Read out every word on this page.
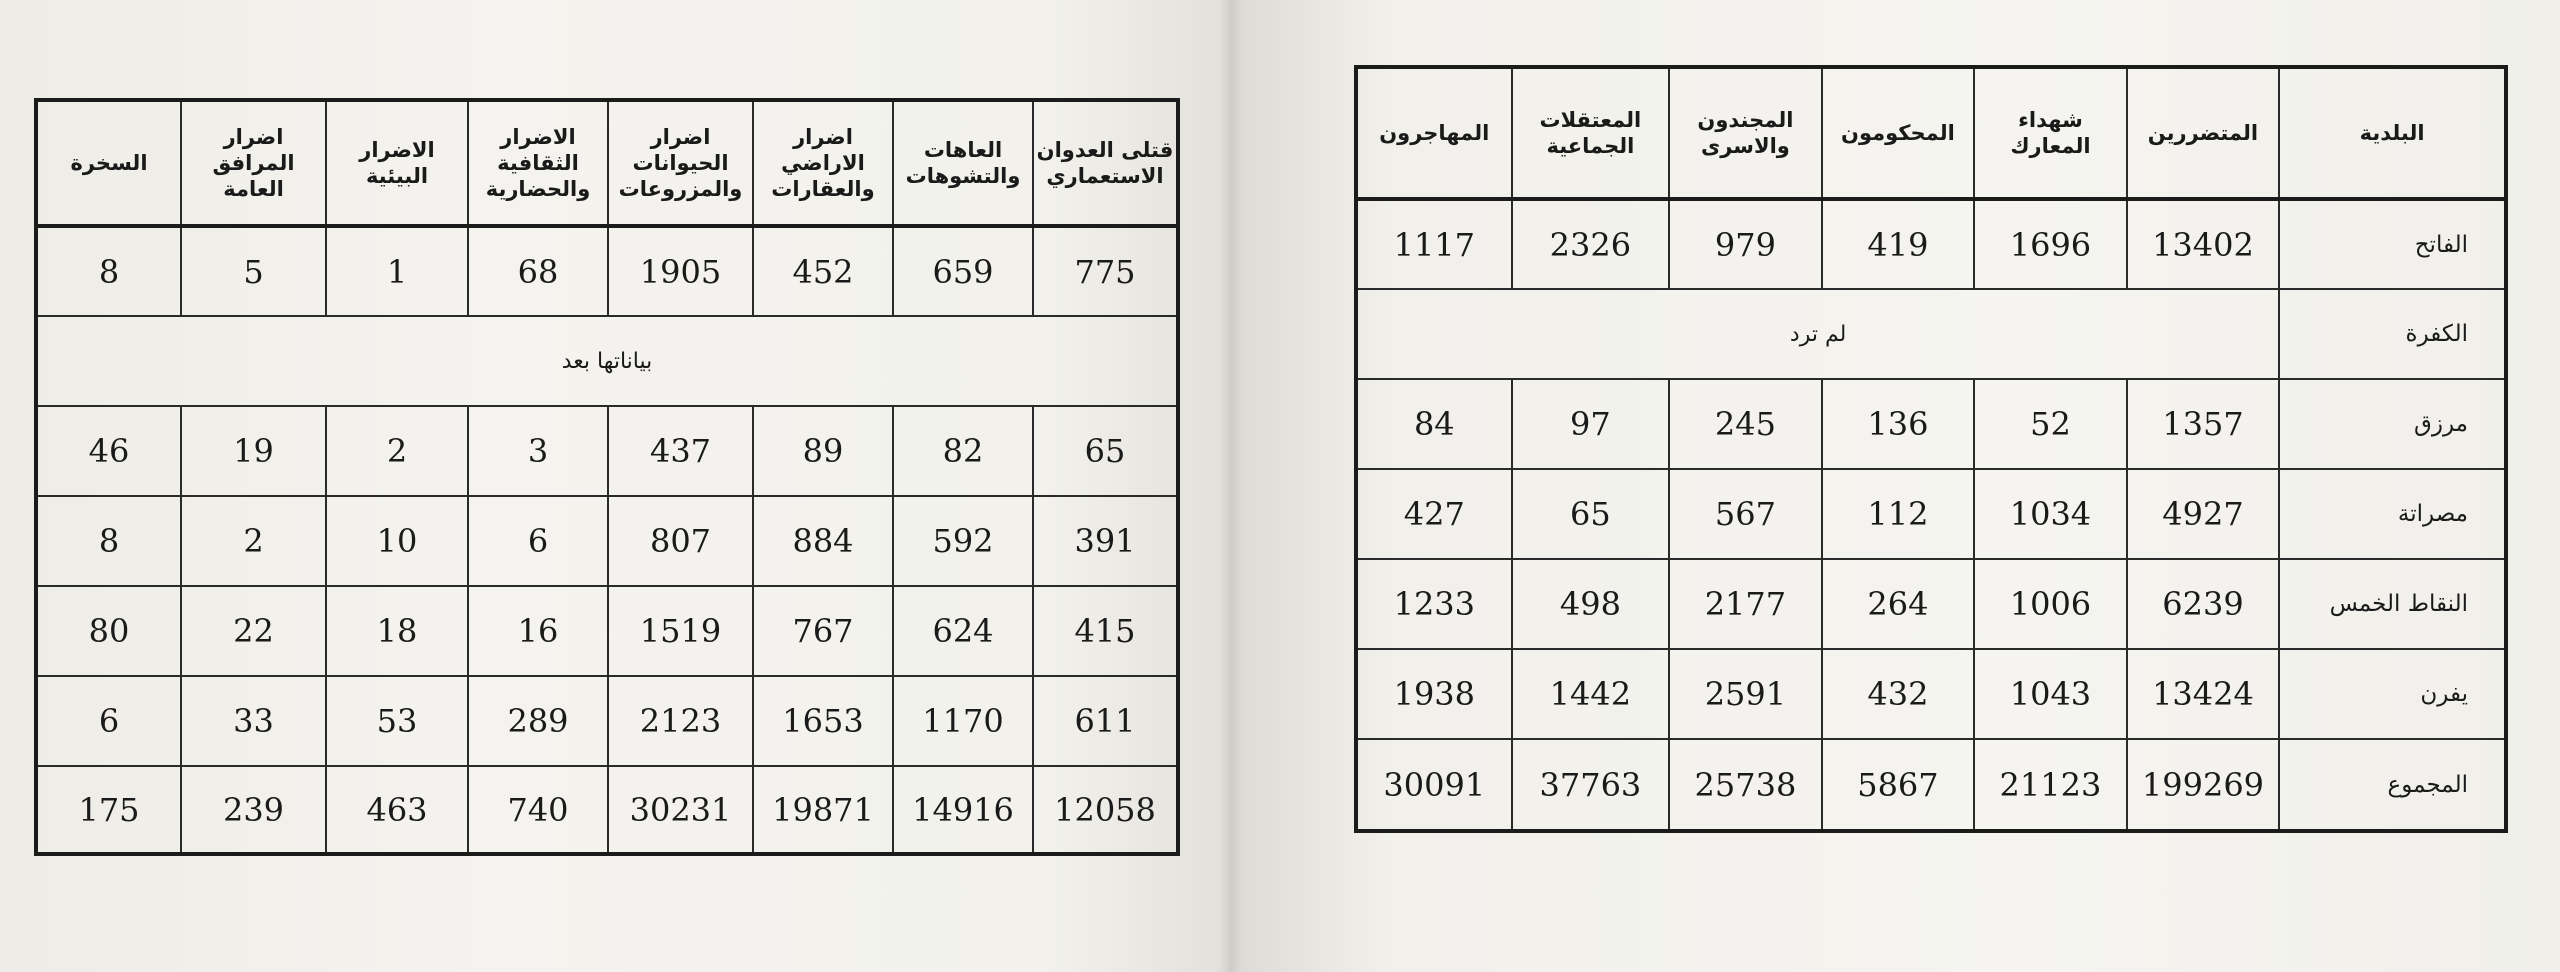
قتلى العدوان الاستعماري	العاهات والتشوهات	اضرار الاراضي والعقارات	اضرار الحيوانات والمزروعات	الاضرار الثقافية والحضارية	الاضرار البيئية	اضرار المرافق العامة	السخرة
775	659	452	1905	68	1	5	8
بياناتها بعد							
65	82	89	437	3	2	19	46
391	592	884	807	6	10	2	8
415	624	767	1519	16	18	22	80
611	1170	1653	2123	289	53	33	6
12058	14916	19871	30231	740	463	239	175
البلدية	المتضررين	شهداء المعارك	المحكومون	المجندون والاسرى	المعتقلات الجماعية	المهاجرون
الفاتح	13402	1696	419	979	2326	1117
الكفرة	لم ترد					
مرزق	1357	52	136	245	97	84
مصراتة	4927	1034	112	567	65	427
النقاط الخمس	6239	1006	264	2177	498	1233
يفرن	13424	1043	432	2591	1442	1938
المجموع	199269	21123	5867	25738	37763	30091
